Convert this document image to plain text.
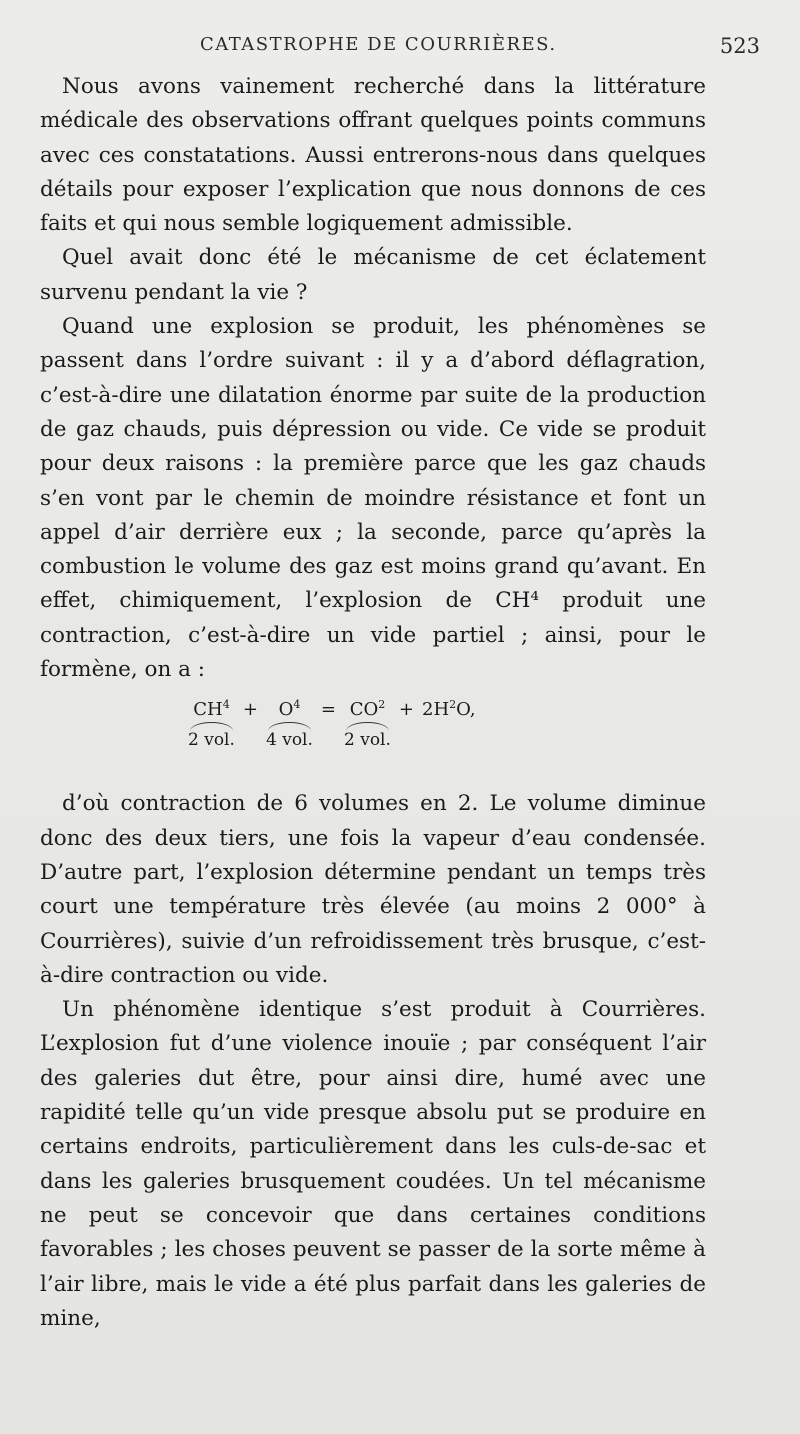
CATASTROPHE DE COURRIÈRES.	523

Nous avons vainement recherché dans la littérature médicale des observations offrant quelques points communs avec ces constatations. Aussi entrerons-nous dans quelques détails pour exposer l’explication que nous donnons de ces faits et qui nous semble logiquement admissible.

Quel avait donc été le mécanisme de cet éclatement survenu pendant la vie ?

Quand une explosion se produit, les phénomènes se passent dans l’ordre suivant : il y a d’abord déflagration, c’est-à-dire une dilatation énorme par suite de la production de gaz chauds, puis dépression ou vide. Ce vide se produit pour deux raisons : la première parce que les gaz chauds s’en vont par le chemin de moindre résistance et font un appel d’air derrière eux ; la seconde, parce qu’après la combustion le volume des gaz est moins grand qu’avant. En effet, chimiquement, l’explosion de CH⁴ produit une contraction, c’est-à-dire un vide partiel ; ainsi, pour le formène, on a :

$CH^4$
2 vol.
+	$O^4$
4 vol.
= $CO^2$
2 vol.
+ $2H^2O$,

d’où contraction de 6 volumes en 2. Le volume diminue donc des deux tiers, une fois la vapeur d’eau condensée. D’autre part, l’explosion détermine pendant un temps très court une température très élevée (au moins 2 000° à Courrières), suivie d’un refroidissement très brusque, c’est-à-dire contraction ou vide.

Un phénomène identique s’est produit à Courrières. L’explosion fut d’une violence inouïe ; par conséquent l’air des galeries dut être, pour ainsi dire, humé avec une rapidité telle qu’un vide presque absolu put se produire en certains endroits, particulièrement dans les culs-de-sac et dans les galeries brusquement coudées. Un tel mécanisme ne peut se concevoir que dans certaines conditions favorables ; les choses peuvent se passer de la sorte même à l’air libre, mais le vide a été plus parfait dans les galeries de mine,
